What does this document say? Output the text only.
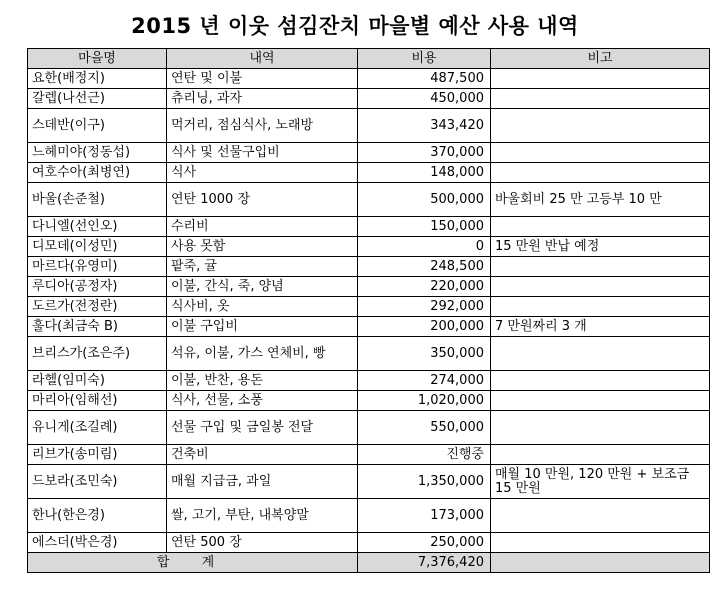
2015 년 이웃 섬김잔치 마을별 예산 사용 내역
마을명	내역	비용	비고
요한(배정지)	연탄 및 이불	487,500	
갈렙(나선근)	츄리닝, 과자	450,000	
스데반(이구)	먹거리, 점심식사, 노래방	343,420	
느헤미야(정동섭)	식사 및 선물구입비	370,000	
여호수아(최병연)	식사	148,000	
바울(손준철)	연탄 1000 장	500,000	바울회비 25 만 고등부 10 만
다니엘(선인오)	수리비	150,000	
디모데(이성민)	사용 못함	0	15 만원 반납 예정
마르다(유영미)	팥죽, 귤	248,500	
루디아(공정자)	이불, 간식, 죽, 양념	220,000	
도르가(전정란)	식사비, 옷	292,000	
훌다(최금숙 B)	이불 구입비	200,000	7 만원짜리 3 개
브리스가(조은주)	석유, 이불, 가스 연체비, 빵	350,000	
라헬(임미숙)	이불, 반찬, 용돈	274,000	
마리아(임해선)	식사, 선물, 소풍	1,020,000	
유니게(조길례)	선물 구입 및 금일봉 전달	550,000	
리브가(송미림)	건축비	진행중	
드보라(조민숙)	매월 지급금, 과일	1,350,000	매월 10 만원, 120 만원 + 보조금 15 만원
한나(한은경)	쌀, 고기, 부탄, 내복양말	173,000	
에스더(박은경)	연탄 500 장	250,000	
합 계		7,376,420	
